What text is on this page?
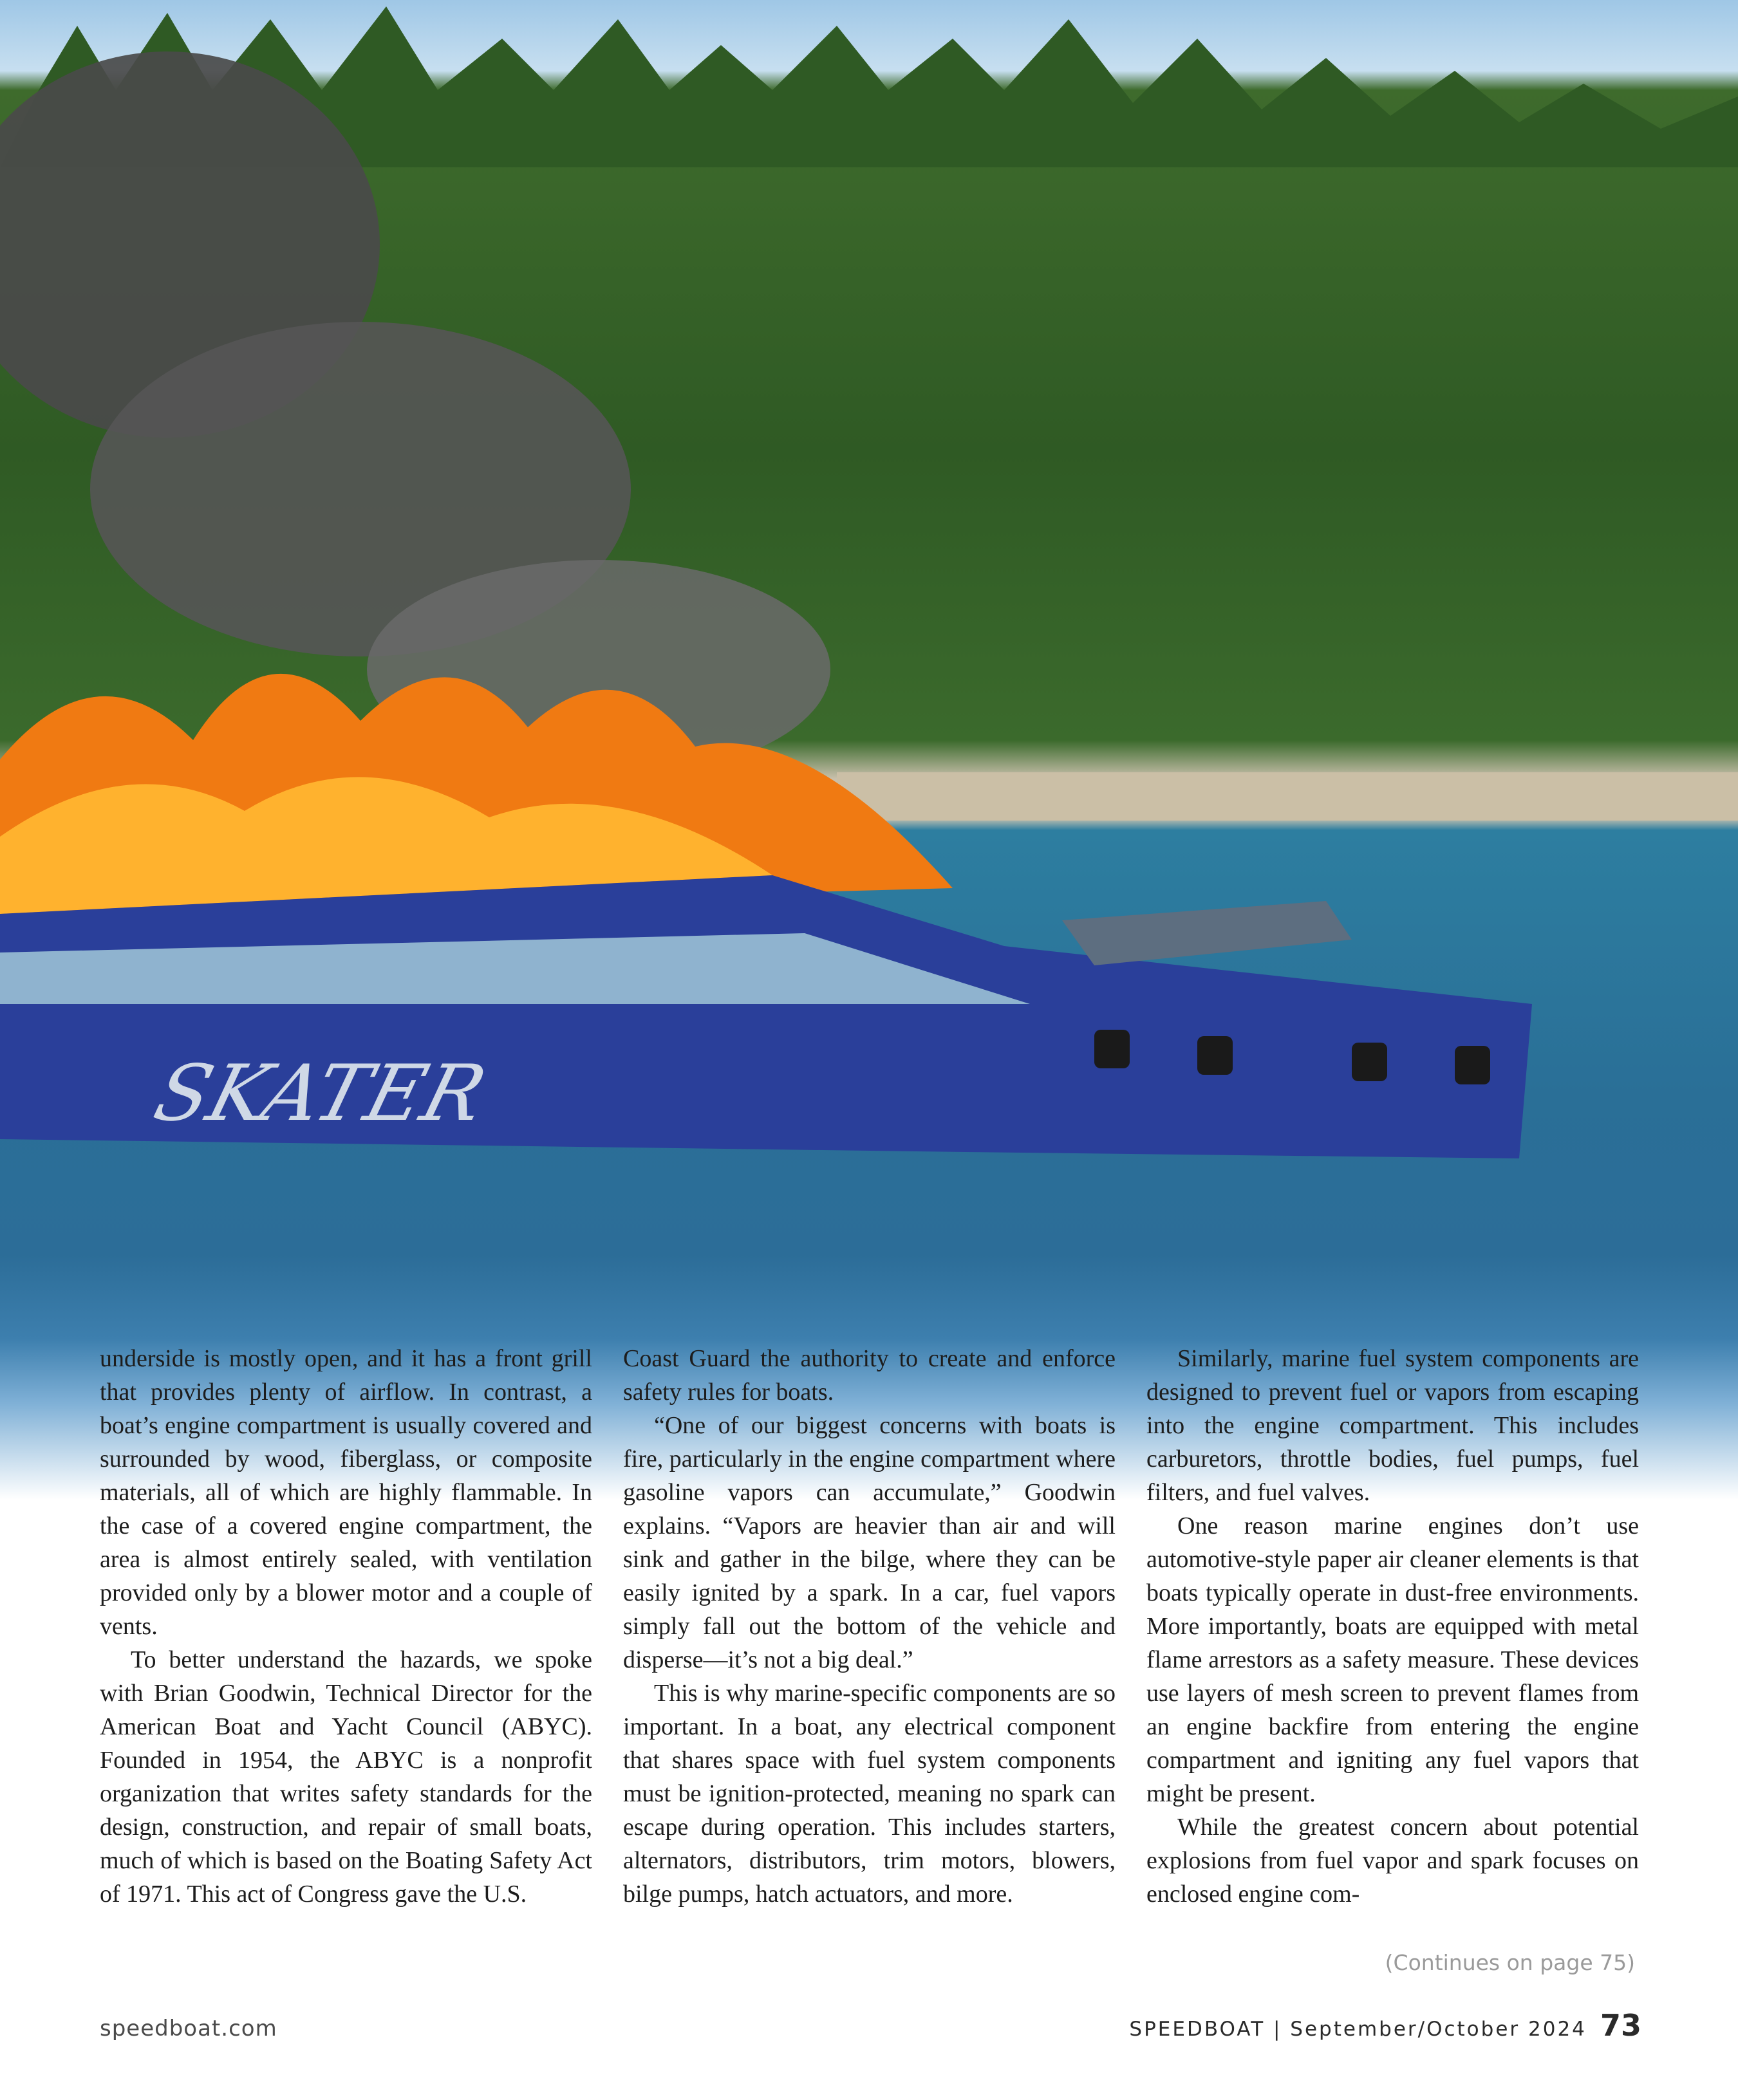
SKATER

underside is mostly open, and it has a front grill that provides plenty of airflow. In contrast, a boat’s engine compartment is usually covered and surrounded by wood, fiberglass, or composite materials, all of which are highly flammable. In the case of a covered engine compartment, the area is almost entirely sealed, with ventilation provided only by a blower motor and a couple of vents.

To better understand the hazards, we spoke with Brian Goodwin, Technical Director for the American Boat and Yacht Council (ABYC). Founded in 1954, the ABYC is a nonprofit organization that writes safety standards for the design, construction, and repair of small boats, much of which is based on the Boating Safety Act of 1971. This act of Congress gave the U.S.

Coast Guard the authority to create and enforce safety rules for boats.

“One of our biggest concerns with boats is fire, particularly in the engine compartment where gasoline vapors can accumulate,” Goodwin explains. “Vapors are heavier than air and will sink and gather in the bilge, where they can be easily ignited by a spark. In a car, fuel vapors simply fall out the bottom of the vehicle and disperse—it’s not a big deal.”

This is why marine-specific components are so important. In a boat, any electrical component that shares space with fuel system components must be ignition-protected, meaning no spark can escape during operation. This includes starters, alternators, distributors, trim motors, blowers, bilge pumps, hatch actuators, and more.

Similarly, marine fuel system components are designed to prevent fuel or vapors from escaping into the engine compartment. This includes carburetors, throttle bodies, fuel pumps, fuel filters, and fuel valves.

One reason marine engines don’t use automotive-style paper air cleaner elements is that boats typically operate in dust-free environments. More importantly, boats are equipped with metal flame arrestors as a safety measure. These devices use layers of mesh screen to prevent flames from an engine backfire from entering the engine compartment and igniting any fuel vapors that might be present.

While the greatest concern about potential explosions from fuel vapor and spark focuses on enclosed engine com-

(Continues on page 75)
speedboat.com	SPEEDBOAT | September/October 2024 73
